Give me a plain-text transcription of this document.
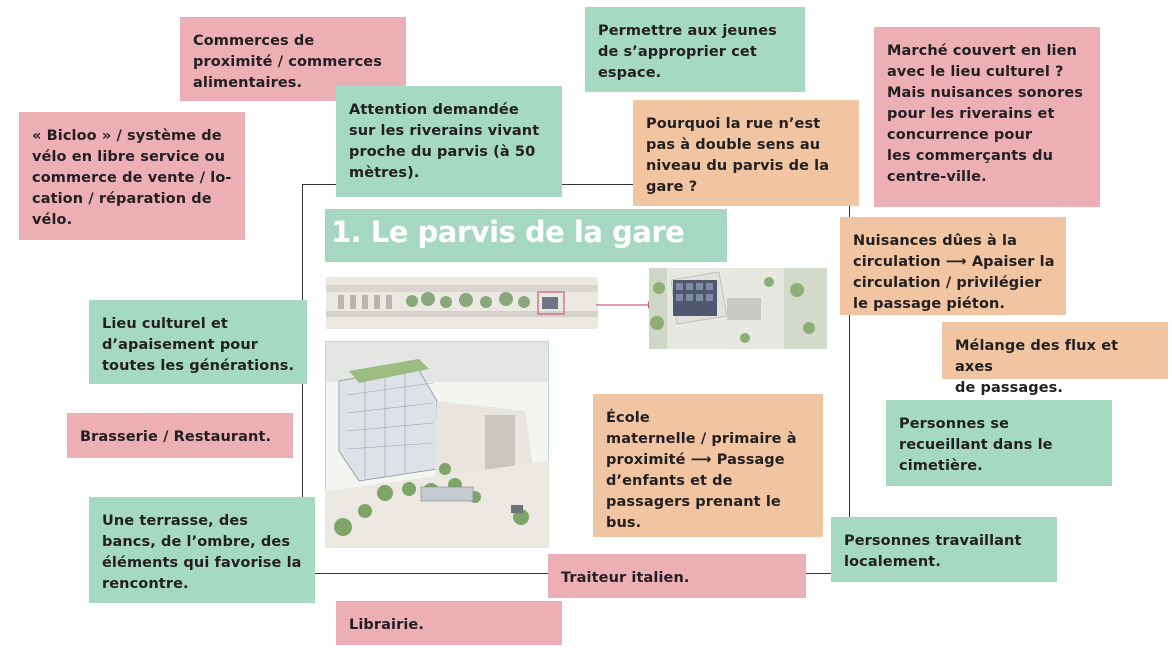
1. Le parvis de la gare
Commerces de
proximité / commerces
alimentaires.
Permettre aux jeunes
de s’approprier cet
espace.
Marché couvert en lien
avec le lieu culturel ?
Mais nuisances sonores
pour les riverains et
concurrence pour
les commerçants du
centre-ville.
« Bicloo » / système de
vélo en libre service ou
commerce de vente / lo-
cation / réparation de
vélo.
Attention demandée
sur les riverains vivant
proche du parvis (à 50
mètres).
Pourquoi la rue n’est
pas à double sens au
niveau du parvis de la
gare ?
Nuisances dûes à la
circulation ⟶ Apaiser la
circulation / privilégier
le passage piéton.
Mélange des flux et axes
de passages.
Lieu culturel et
d’apaisement pour
toutes les générations.
Personnes se
recueillant dans le
cimetière.
Brasserie / Restaurant.
École
maternelle / primaire à
proximité ⟶ Passage
d’enfants et de
passagers prenant le
bus.
Une terrasse, des
bancs, de l’ombre, des
éléments qui favorise la
rencontre.
Personnes travaillant
localement.
Traiteur italien.
Librairie.
